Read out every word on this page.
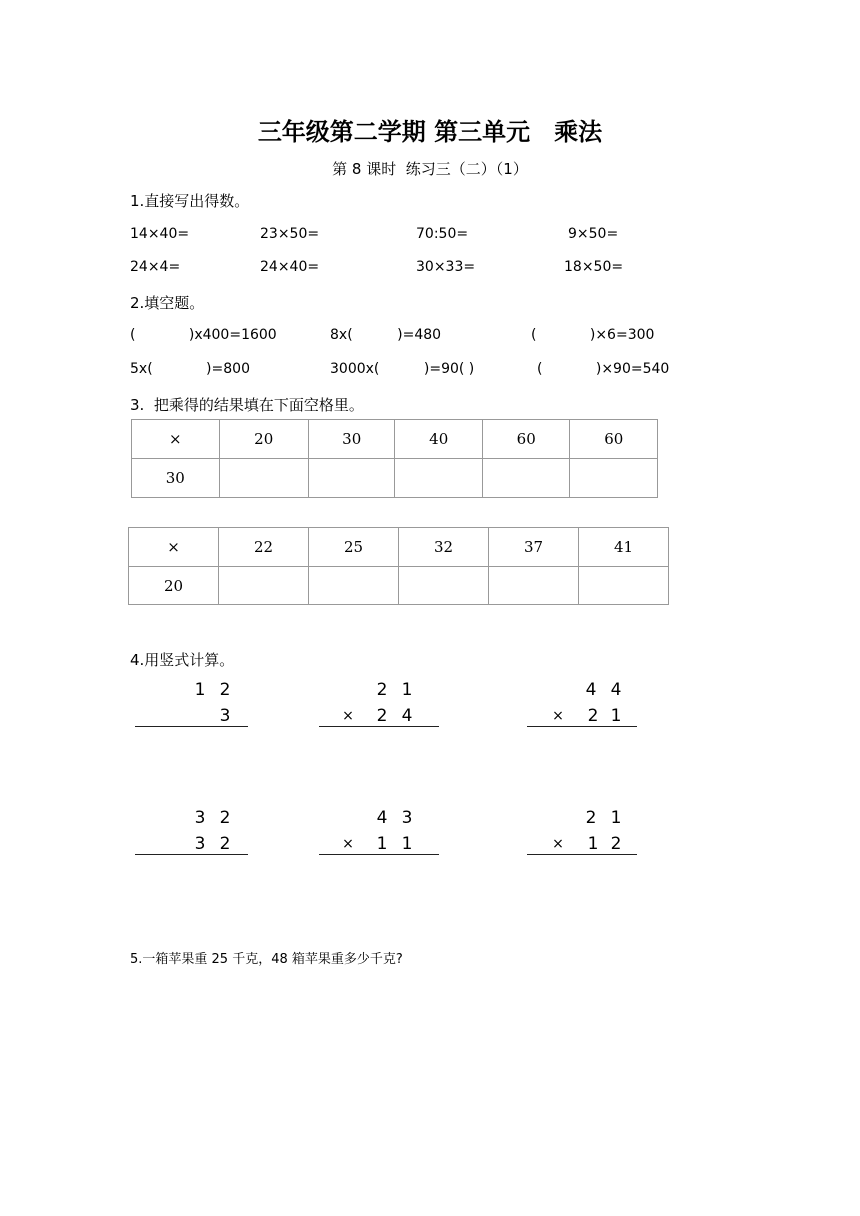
三年级第二学期 第三单元　乘法
第 8 课时  练习三（二）（1）
1.直接写出得数。
14×40=	23×50=	70:50=	9×50=
24×4=	24×40=	30×33=	18×50=
2.填空题。
(            )x400=1600	8x(          )=480	(            )×6=300
5x(            )=800	3000x(          )=90( )	(            )×90=540
3.  把乘得的结果填在下面空格里。
×	20	30	40	60	60
30					
×	22	25	32	37	41
20					
4.用竖式计算。
1 2
3
2 1
×	2 4
4 4
×	2 1
3 2
3 2
4 3
×	1 1
2 1
×	1 2
5.一箱苹果重 25 千克，48 箱苹果重多少千克?
